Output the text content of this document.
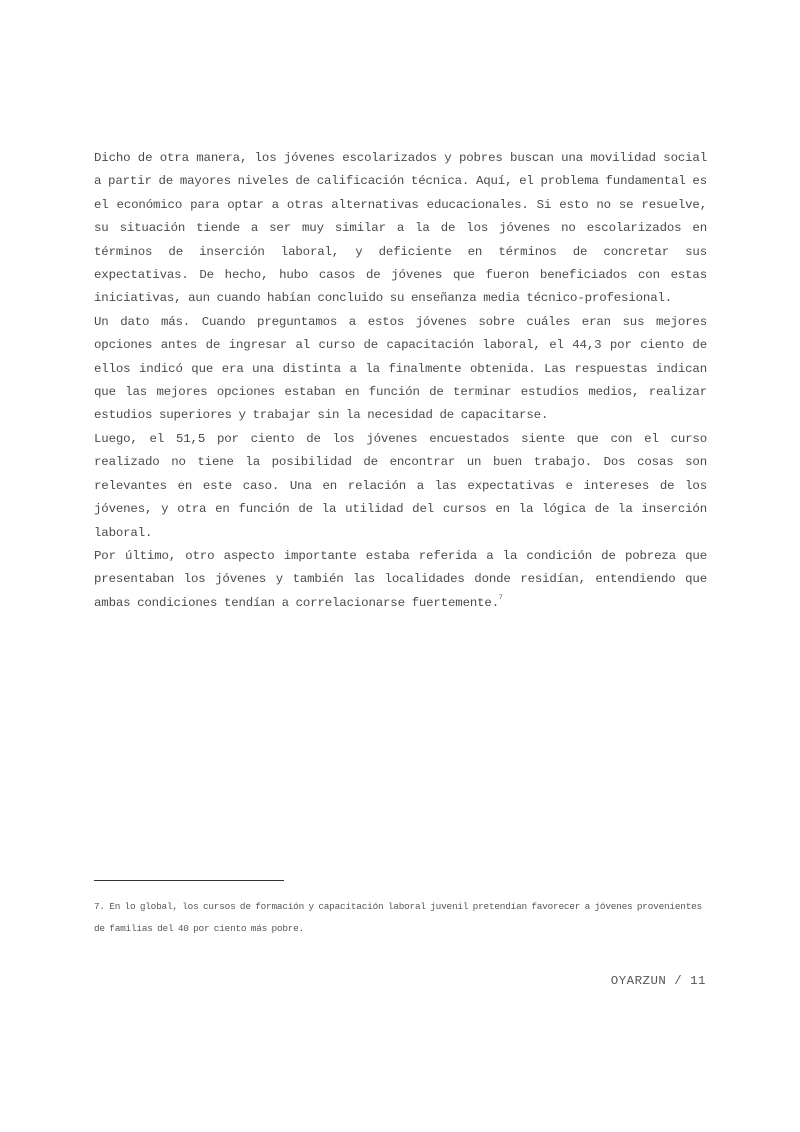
Dicho de otra manera, los jóvenes escolarizados y pobres buscan una movilidad social a partir de mayores niveles de calificación técnica. Aquí, el problema fundamental es el económico para optar a otras alternativas educacionales. Si esto no se resuelve, su situación tiende a ser muy similar a la de los jóvenes no escolarizados en términos de inserción laboral, y deficiente en términos de concretar sus expectativas. De hecho, hubo casos de jóvenes que fueron beneficiados con estas iniciativas, aun cuando habían concluido su enseñanza media técnico-profesional.

Un dato más. Cuando preguntamos a estos jóvenes sobre cuáles eran sus mejores opciones antes de ingresar al curso de capacitación laboral, el 44,3 por ciento de ellos indicó que era una distinta a la finalmente obtenida. Las respuestas indican que las mejores opciones estaban en función de terminar estudios medios, realizar estudios superiores y trabajar sin la necesidad de capacitarse.

Luego, el 51,5 por ciento de los jóvenes encuestados siente que con el curso realizado no tiene la posibilidad de encontrar un buen trabajo. Dos cosas son relevantes en este caso. Una en relación a las expectativas e intereses de los jóvenes, y otra en función de la utilidad del cursos en la lógica de la inserción laboral.

Por último, otro aspecto importante estaba referida a la condición de pobreza que presentaban los jóvenes y también las localidades donde residían, entendiendo que ambas condiciones tendían a correlacionarse fuertemente.$^7$

7. En lo global, los cursos de formación y capacitación laboral juvenil pretendían favorecer a jóvenes provenientes de familias del 40 por ciento más pobre.

OYARZUN / 11
